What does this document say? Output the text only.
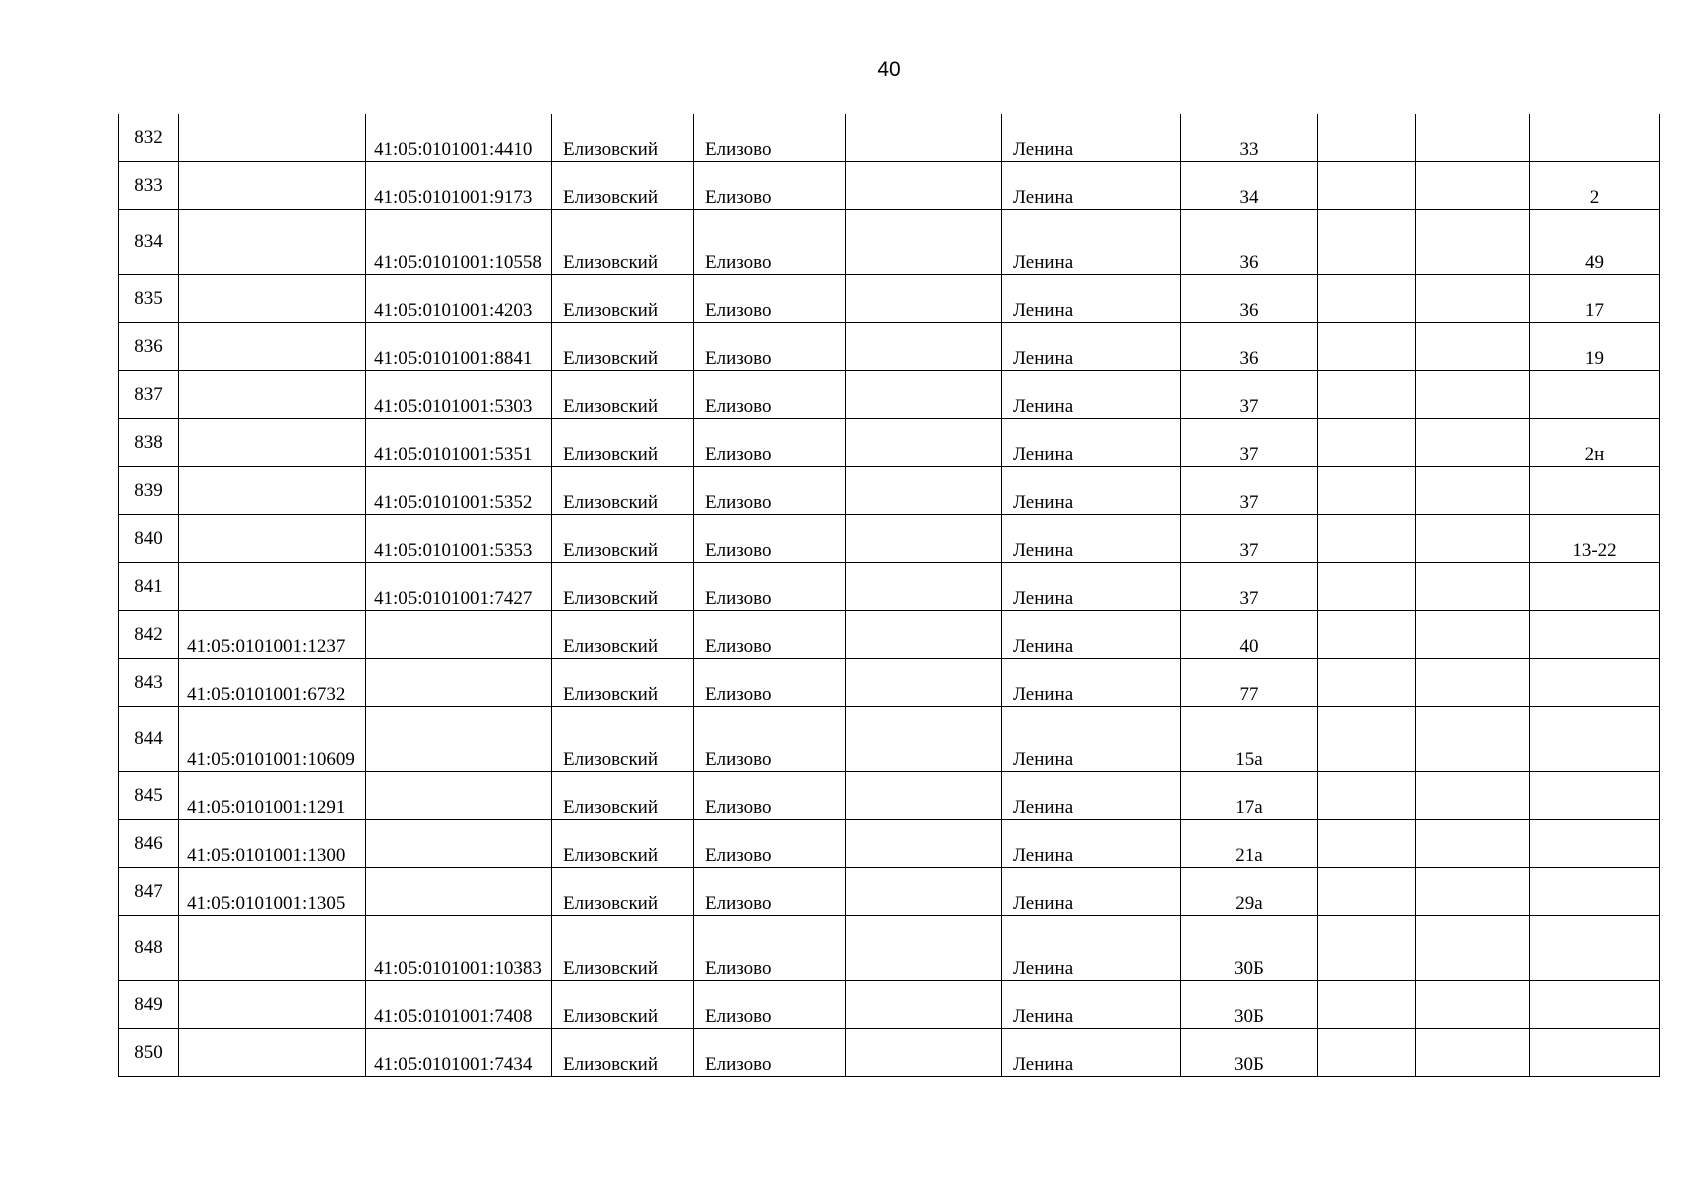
40
832		41:05:0101001:4410	Елизовский	Елизово		Ленина	33			
833		41:05:0101001:9173	Елизовский	Елизово		Ленина	34			2
834		41:05:0101001:10558	Елизовский	Елизово		Ленина	36			49
835		41:05:0101001:4203	Елизовский	Елизово		Ленина	36			17
836		41:05:0101001:8841	Елизовский	Елизово		Ленина	36			19
837		41:05:0101001:5303	Елизовский	Елизово		Ленина	37			
838		41:05:0101001:5351	Елизовский	Елизово		Ленина	37			2н
839		41:05:0101001:5352	Елизовский	Елизово		Ленина	37			
840		41:05:0101001:5353	Елизовский	Елизово		Ленина	37			13-22
841		41:05:0101001:7427	Елизовский	Елизово		Ленина	37			
842	41:05:0101001:1237		Елизовский	Елизово		Ленина	40			
843	41:05:0101001:6732		Елизовский	Елизово		Ленина	77			
844	41:05:0101001:10609		Елизовский	Елизово		Ленина	15а			
845	41:05:0101001:1291		Елизовский	Елизово		Ленина	17а			
846	41:05:0101001:1300		Елизовский	Елизово		Ленина	21а			
847	41:05:0101001:1305		Елизовский	Елизово		Ленина	29а			
848		41:05:0101001:10383	Елизовский	Елизово		Ленина	30Б			
849		41:05:0101001:7408	Елизовский	Елизово		Ленина	30Б			
850		41:05:0101001:7434	Елизовский	Елизово		Ленина	30Б			
